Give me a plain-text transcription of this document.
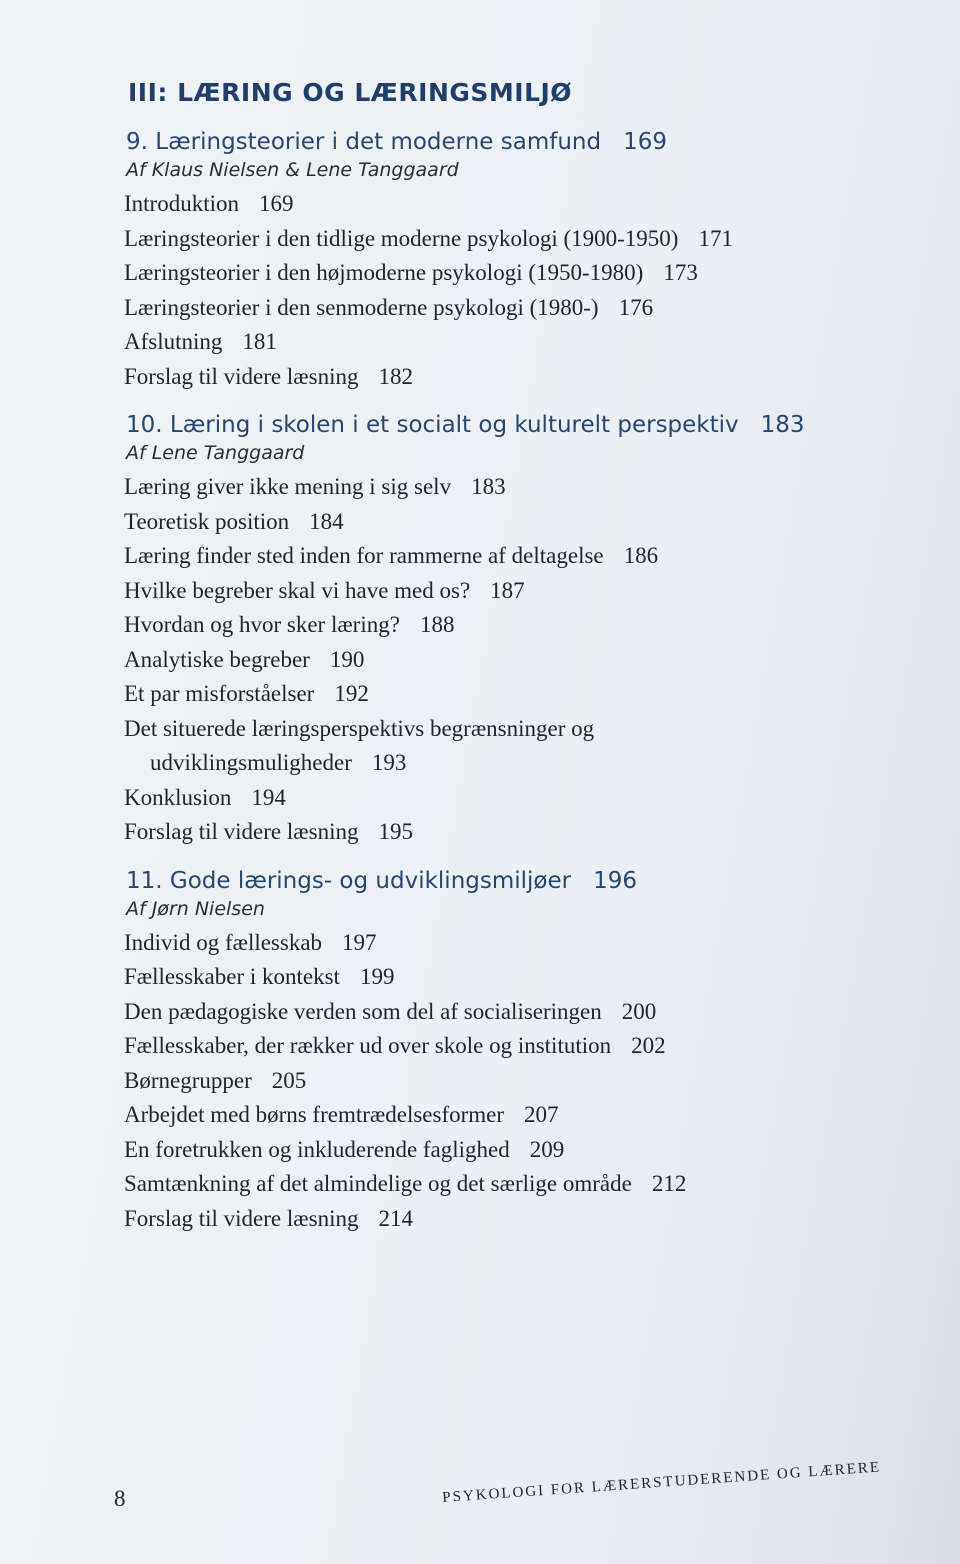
III: LÆRING OG LÆRINGSMILJØ
9. Læringsteorier i det moderne samfund 169
Af Klaus Nielsen & Lene Tanggaard
Introduktion 169
Læringsteorier i den tidlige moderne psykologi (1900-1950) 171
Læringsteorier i den højmoderne psykologi (1950-1980) 173
Læringsteorier i den senmoderne psykologi (1980-) 176
Afslutning 181
Forslag til videre læsning 182
10. Læring i skolen i et socialt og kulturelt perspektiv 183
Af Lene Tanggaard
Læring giver ikke mening i sig selv 183
Teoretisk position 184
Læring finder sted inden for rammerne af deltagelse 186
Hvilke begreber skal vi have med os? 187
Hvordan og hvor sker læring? 188
Analytiske begreber 190
Et par misforståelser 192
Det situerede læringsperspektivs begrænsninger og
udviklingsmuligheder 193
Konklusion 194
Forslag til videre læsning 195
11. Gode lærings- og udviklingsmiljøer 196
Af Jørn Nielsen
Individ og fællesskab 197
Fællesskaber i kontekst 199
Den pædagogiske verden som del af socialiseringen 200
Fællesskaber, der rækker ud over skole og institution 202
Børnegrupper 205
Arbejdet med børns fremtrædelsesformer 207
En foretrukken og inkluderende faglighed 209
Samtænkning af det almindelige og det særlige område 212
Forslag til videre læsning 214
8	PSYKOLOGI FOR LÆRERSTUDERENDE OG LÆRERE
